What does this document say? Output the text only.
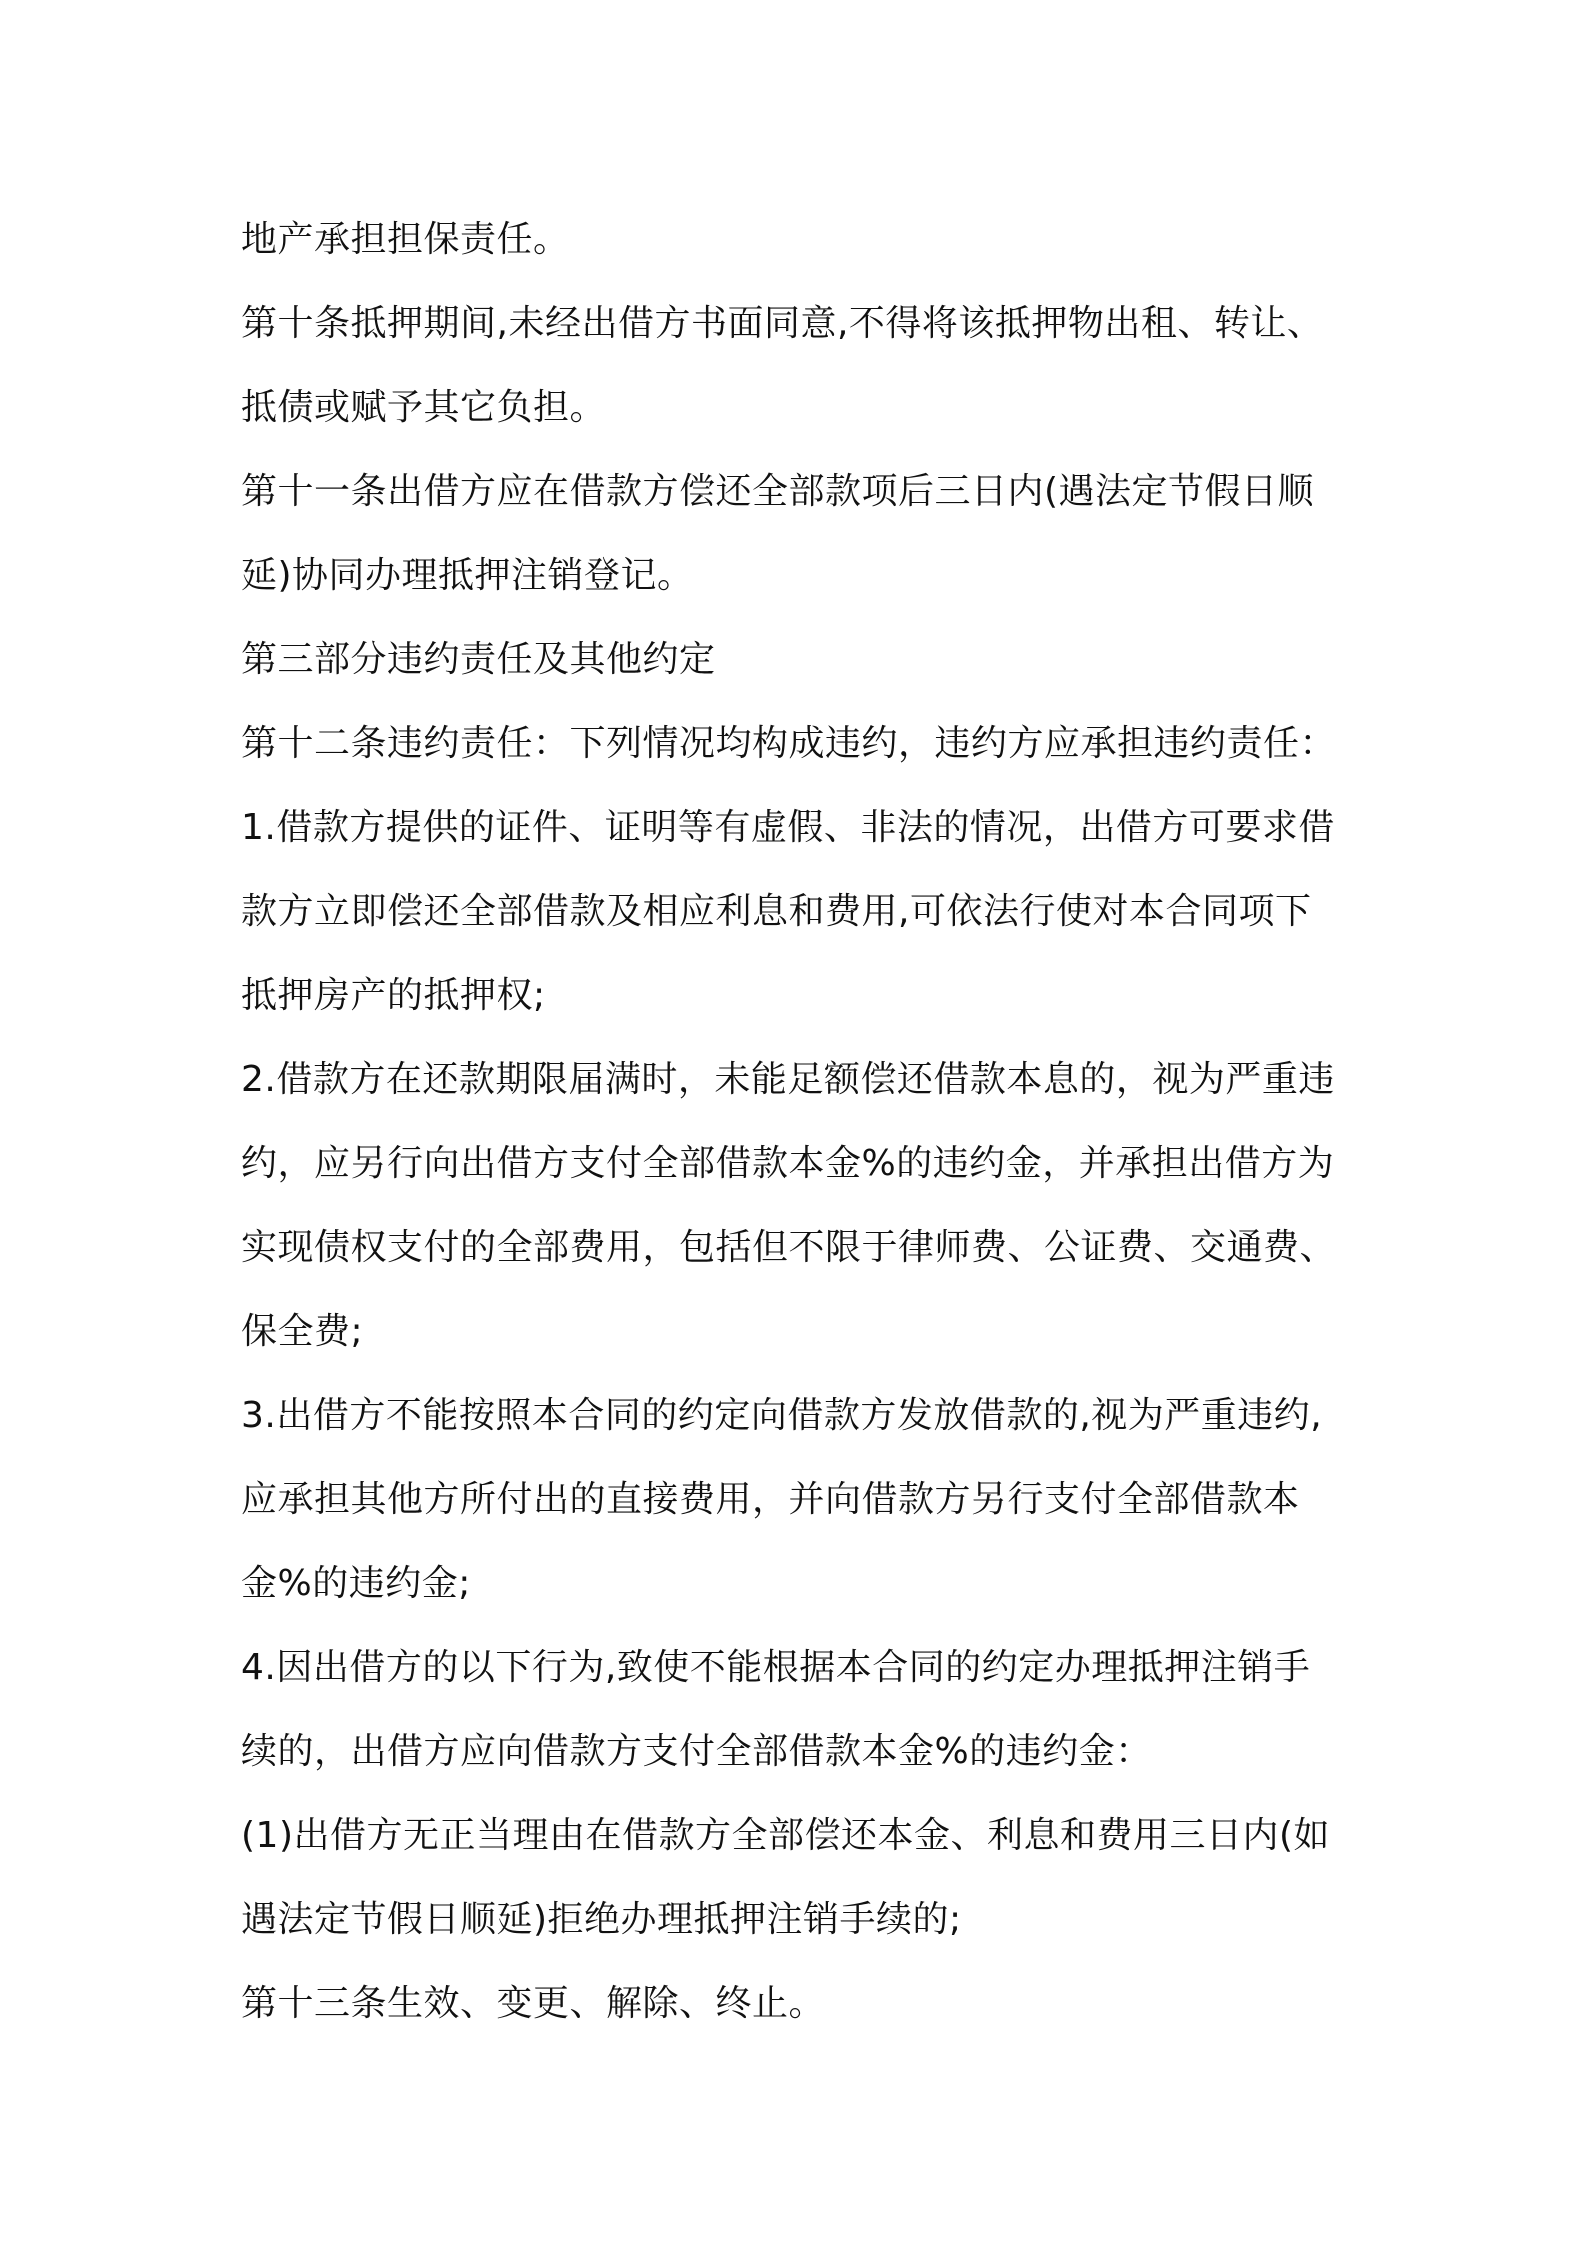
地产承担担保责任。
第十条抵押期间,未经出借方书面同意,不得将该抵押物出租、转让、
抵债或赋予其它负担。
第十一条出借方应在借款方偿还全部款项后三日内(遇法定节假日顺
延)协同办理抵押注销登记。
第三部分违约责任及其他约定
第十二条违约责任：下列情况均构成违约，违约方应承担违约责任：
1.借款方提供的证件、证明等有虚假、非法的情况，出借方可要求借
款方立即偿还全部借款及相应利息和费用,可依法行使对本合同项下
抵押房产的抵押权;
2.借款方在还款期限届满时，未能足额偿还借款本息的，视为严重违
约，应另行向出借方支付全部借款本金%的违约金，并承担出借方为
实现债权支付的全部费用，包括但不限于律师费、公证费、交通费、
保全费;
3.出借方不能按照本合同的约定向借款方发放借款的,视为严重违约,
应承担其他方所付出的直接费用，并向借款方另行支付全部借款本
金%的违约金;
4.因出借方的以下行为,致使不能根据本合同的约定办理抵押注销手
续的，出借方应向借款方支付全部借款本金%的违约金：
(1)出借方无正当理由在借款方全部偿还本金、利息和费用三日内(如
遇法定节假日顺延)拒绝办理抵押注销手续的;
第十三条生效、变更、解除、终止。
